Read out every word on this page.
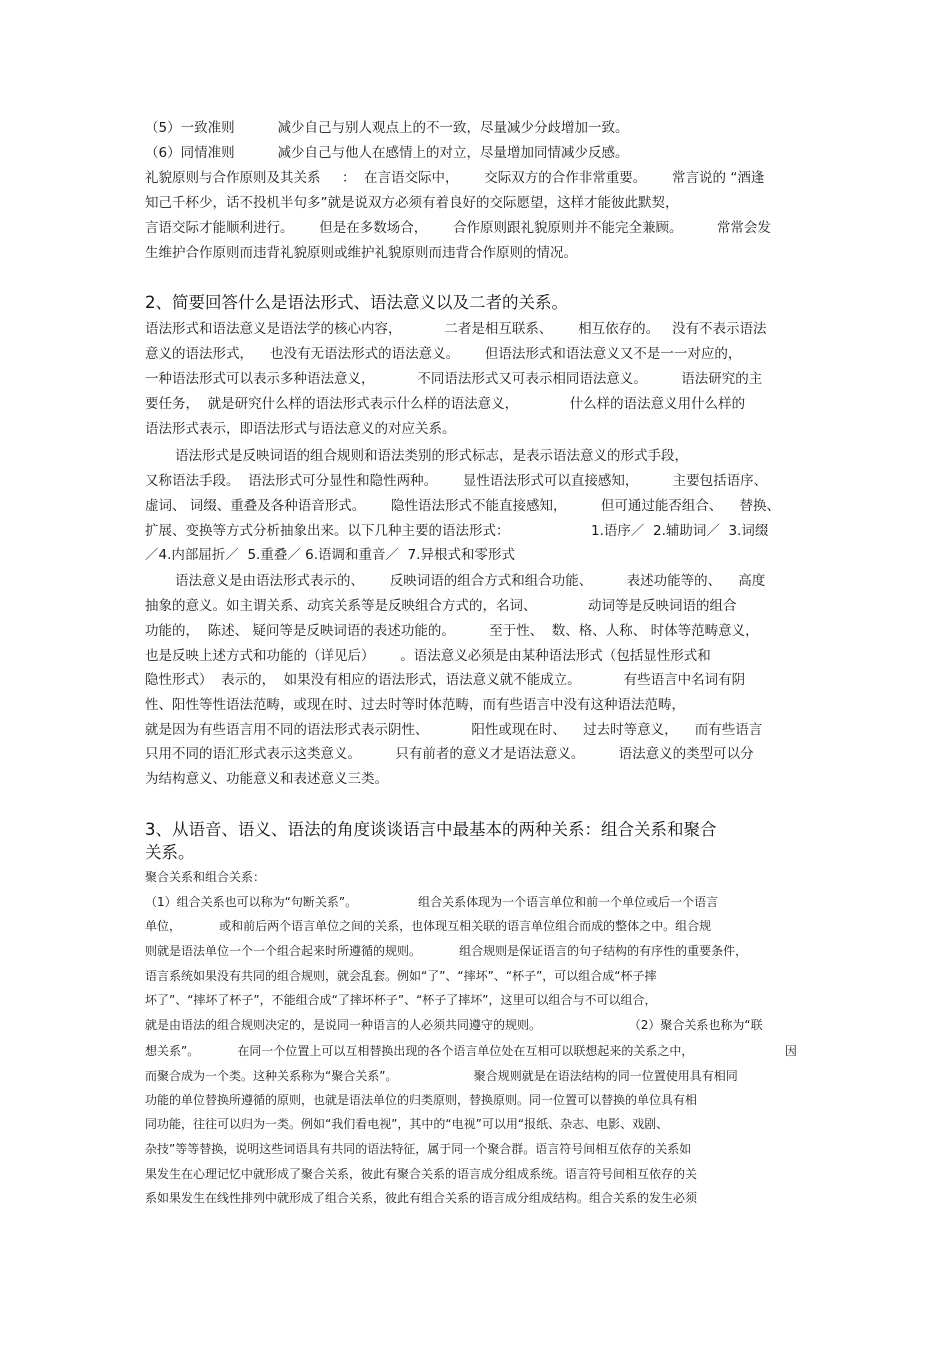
（5）一致准则          减少自己与别人观点上的不一致，尽量减少分歧增加一致。
（6）同情准则          减少自己与他人在感情上的对立，尽量增加同情减少反感。
礼貌原则与合作原则及其关系     ：  在言语交际中，      交际双方的合作非常重要。      常言说的 “酒逢
知己千杯少，话不投机半句多”就是说双方必须有着良好的交际愿望，这样才能彼此默契，
言语交际才能顺利进行。      但是在多数场合，      合作原则跟礼貌原则并不能完全兼顾。        常常会发
生维护合作原则而违背礼貌原则或维护礼貌原则而违背合作原则的情况。
2、简要回答什么是语法形式、语法意义以及二者的关系。
语法形式和语法意义是语法学的核心内容，          二者是相互联系、      相互依存的。   没有不表示语法
意义的语法形式，    也没有无语法形式的语法意义。      但语法形式和语法意义又不是一一对应的，
一种语法形式可以表示多种语法意义，          不同语法形式又可表示相同语法意义。        语法研究的主
要任务，  就是研究什么样的语法形式表示什么样的语法意义，            什么样的语法意义用什么样的
语法形式表示，即语法形式与语法意义的对应关系。
语法形式是反映词语的组合规则和语法类别的形式标志，是表示语法意义的形式手段，
又称语法手段。  语法形式可分显性和隐性两种。      显性语法形式可以直接感知，        主要包括语序、
虚词、 词缀、重叠及各种语音形式。      隐性语法形式不能直接感知，        但可通过能否组合、    替换、
扩展、变换等方式分析抽象出来。以下几种主要的语法形式：                   1.语序／  2.辅助词／  3.词缀
／4.内部屈折／  5.重叠／ 6.语调和重音／  7.异根式和零形式
语法意义是由语法形式表示的、      反映词语的组合方式和组合功能、        表述功能等的、    高度
抽象的意义。如主谓关系、动宾关系等是反映组合方式的，名词、            动词等是反映词语的组合
功能的，  陈述、 疑问等是反映词语的表述功能的。        至于性、  数、格、人称、 时体等范畴意义，
也是反映上述方式和功能的（详见后）      。语法意义必须是由某种语法形式（包括显性形式和
隐性形式）  表示的，  如果没有相应的语法形式，语法意义就不能成立。          有些语言中名词有阴
性、阳性等性语法范畴，或现在时、过去时等时体范畴，而有些语言中没有这种语法范畴，
就是因为有些语言用不同的语法形式表示阴性、          阳性或现在时、    过去时等意义，    而有些语言
只用不同的语汇形式表示这类意义。        只有前者的意义才是语法意义。        语法意义的类型可以分
为结构意义、功能意义和表述意义三类。
3、从语音、语义、语法的角度谈谈语言中最基本的两种关系：组合关系和聚合
关系。
聚合关系和组合关系：
（1）组合关系也可以称为“句断关系”。                组合关系体现为一个语言单位和前一个单位或后一个语言
单位，          或和前后两个语言单位之间的关系，也体现互相关联的语言单位组合而成的整体之中。组合规
则就是语法单位一个一个组合起来时所遵循的规则。          组合规则是保证语言的句子结构的有序性的重要条件，
语言系统如果没有共同的组合规则，就会乱套。例如“了”、“摔坏”、“杯子”，可以组合成“杯子摔
坏了”、“摔坏了杯子”，不能组合成“了摔坏杯子”、“杯子了摔坏”，这里可以组合与不可以组合，
就是由语法的组合规则决定的，是说同一种语言的人必须共同遵守的规则。                       （2）聚合关系也称为“联
想关系”。          在同一个位置上可以互相替换出现的各个语言单位处在互相可以联想起来的关系之中，                        因
而聚合成为一个类。这种关系称为“聚合关系”。                    聚合规则就是在语法结构的同一位置使用具有相同
功能的单位替换所遵循的原则，也就是语法单位的归类原则，替换原则。同一位置可以替换的单位具有相
同功能，往往可以归为一类。例如“我们看电视”，其中的“电视”可以用“报纸、杂志、电影、戏剧、
杂技”等等替换，说明这些词语具有共同的语法特征，属于同一个聚合群。语言符号间相互依存的关系如
果发生在心理记忆中就形成了聚合关系，彼此有聚合关系的语言成分组成系统。语言符号间相互依存的关
系如果发生在线性排列中就形成了组合关系，彼此有组合关系的语言成分组成结构。组合关系的发生必须
